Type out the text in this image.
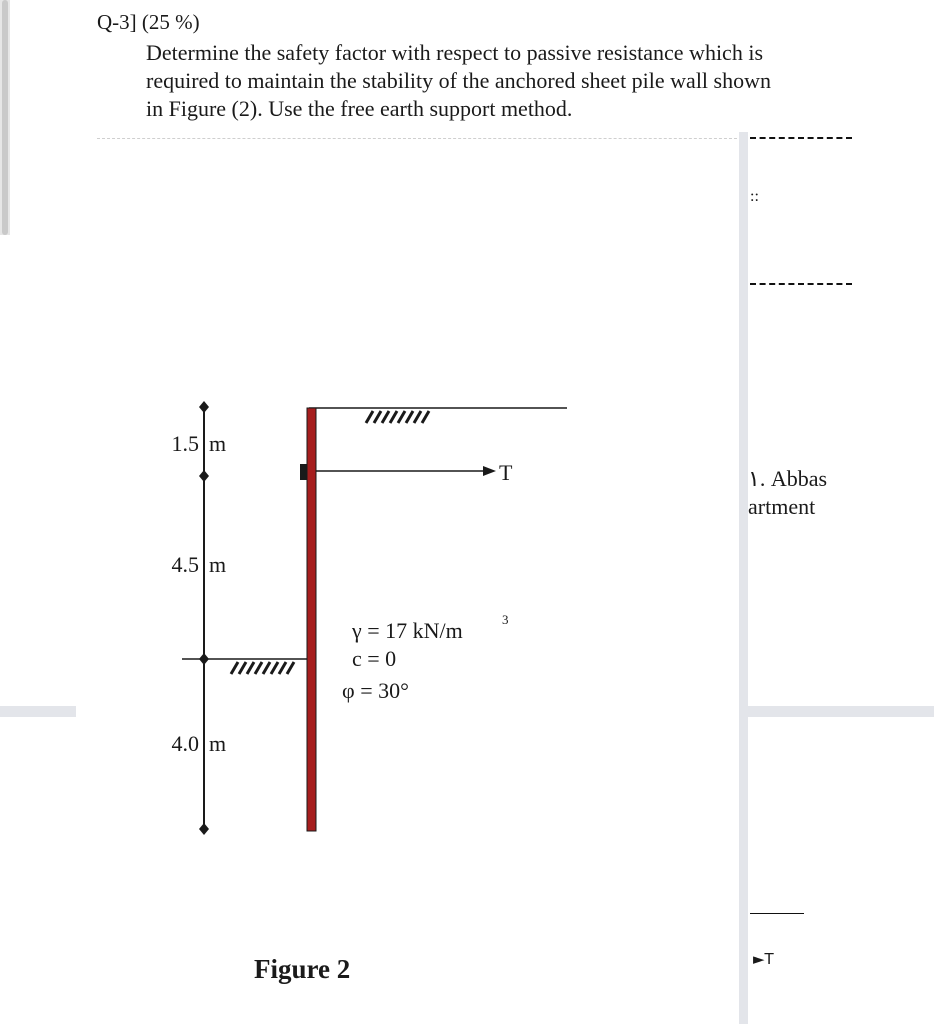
Q-3] (25 %)
Determine the safety factor with respect to passive resistance which is
required to maintain the stability of the anchored sheet pile wall shown
in Figure (2). Use the free earth support method.
1.5 m
4.5 m
4.0 m
T
γ = 17 kN/m	3
c = 0
φ = 30°
Figure 2
::
١. Abbas
artment
►T
